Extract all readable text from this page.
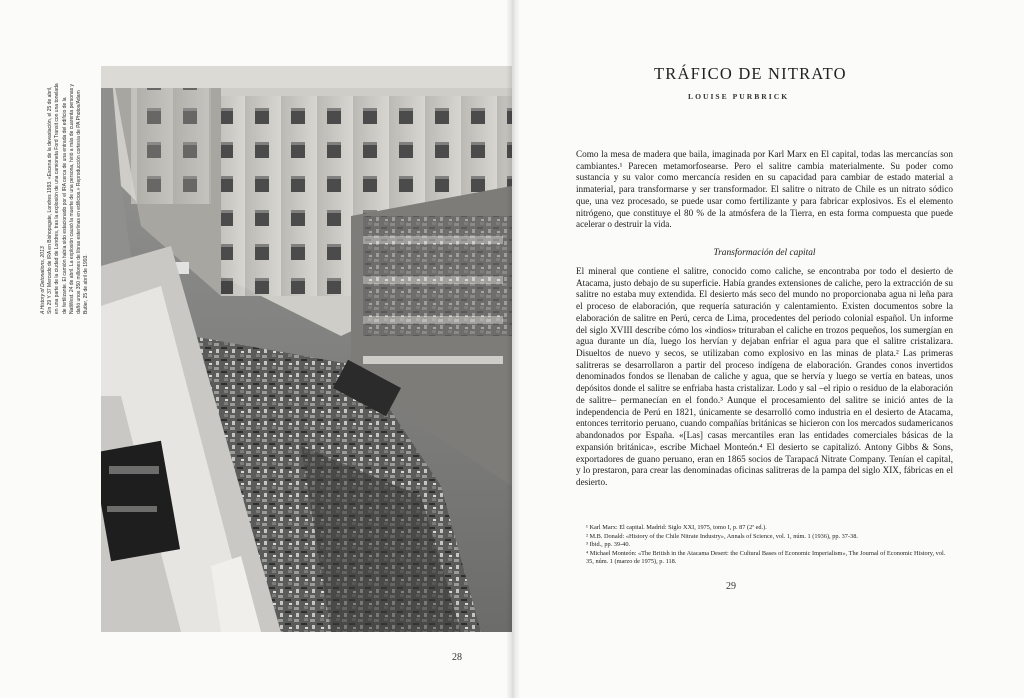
A History of Detonations, 2013 Sin 29 Y 37 Mercado de IRA en Bishopsgate, Londres 1993. «Escena de la devastación, el 25 de abril, en una parte de la ciudad de Londres, tras la explosión de una camioneta Ford Transit con una tonelada de fertilizante. El camión había sido estacionado por el IRA cerca de una entrada del edificio de la NatWest. 24 de abril. La explosión causó la muerte de una persona, hirió a más de cuarenta personas y dañó unos 350 millones de libras esterlinas en edificios.» Reproducción cortesía de PA Photos/Adam Butler, 25 de abril de 1993.
28
TRÁFICO DE NITRATO
LOUISE PURBRICK

Como la mesa de madera que baila, imaginada por Karl Marx en El capital, todas las mercancías son cambiantes.¹ Parecen metamorfosearse. Pero el salitre cambia materialmente. Su poder como sustancia y su valor como mercancía residen en su capacidad para cambiar de estado material a inmaterial, para transformarse y ser transformador. El salitre o nitrato de Chile es un nitrato sódico que, una vez procesado, se puede usar como fertilizante y para fabricar explosivos. Es el elemento nitrógeno, que constituye el 80 % de la atmósfera de la Tierra, en esta forma compuesta que puede acelerar o destruir la vida.

Transformación del capital

El mineral que contiene el salitre, conocido como caliche, se encontraba por todo el desierto de Atacama, justo debajo de su superficie. Había grandes extensiones de caliche, pero la extracción de su salitre no estaba muy extendida. El desierto más seco del mundo no proporcionaba agua ni leña para el proceso de elaboración, que requería saturación y calentamiento. Existen documentos sobre la elaboración de salitre en Perú, cerca de Lima, procedentes del periodo colonial español. Un informe del siglo XVIII describe cómo los «indios» trituraban el caliche en trozos pequeños, los sumergían en agua durante un día, luego los hervían y dejaban enfriar el agua para que el salitre cristalizara. Disueltos de nuevo y secos, se utilizaban como explosivo en las minas de plata.² Las primeras salitreras se desarrollaron a partir del proceso indígena de elaboración. Grandes conos invertidos denominados fondos se llenaban de caliche y agua, que se hervía y luego se vertía en bateas, unos depósitos donde el salitre se enfriaba hasta cristalizar. Lodo y sal –el ripio o residuo de la elaboración de salitre– permanecían en el fondo.³ Aunque el procesamiento del salitre se inició antes de la independencia de Perú en 1821, únicamente se desarrolló como industria en el desierto de Atacama, entonces territorio peruano, cuando compañías británicas se hicieron con los mercados sudamericanos abandonados por España. «[Las] casas mercantiles eran las entidades comerciales básicas de la expansión británica», escribe Michael Monteón.⁴ El desierto se capitalizó. Antony Gibbs & Sons, exportadores de guano peruano, eran en 1865 socios de Tarapacá Nitrate Company. Tenían el capital, y lo prestaron, para crear las denominadas oficinas salitreras de la pampa del siglo XIX, fábricas en el desierto.

¹ Karl Marx: El capital. Madrid: Siglo XXI, 1975, tomo I, p. 87 (2ª ed.).
² M.B. Donald: «History of the Chile Nitrate Industry», Annals of Science, vol. 1, núm. 1 (1936), pp. 37-38.
³ Ibid., pp. 39-40.
⁴ Michael Monteón: «The British in the Atacama Desert: the Cultural Bases of Economic Imperialism», The Journal of Economic History, vol. 35, núm. 1 (marzo de 1975), p. 118.
29
